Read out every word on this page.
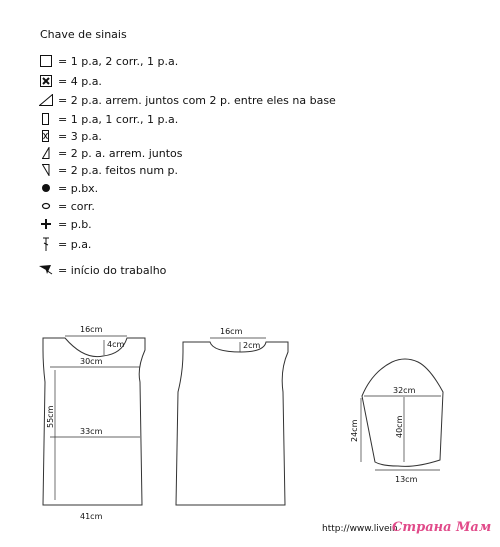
Chave de sinais
= 1 p.a, 2 corr., 1 p.a.
= 4 p.a.
= 2 p.a. arrem. juntos com 2 p. entre eles na base
= 1 p.a, 1 corr., 1 p.a.
= 3 p.a.
= 2 p. a. arrem. juntos
= 2 p.a. feitos num p.
= p.bx.
= corr.
= p.b.
= p.a.
= início do trabalho
16cm
4cm
30cm
33cm
55cm
41cm
16cm
2cm
32cm
40cm
24cm
13cm
http://www.livein
Страна Мам
